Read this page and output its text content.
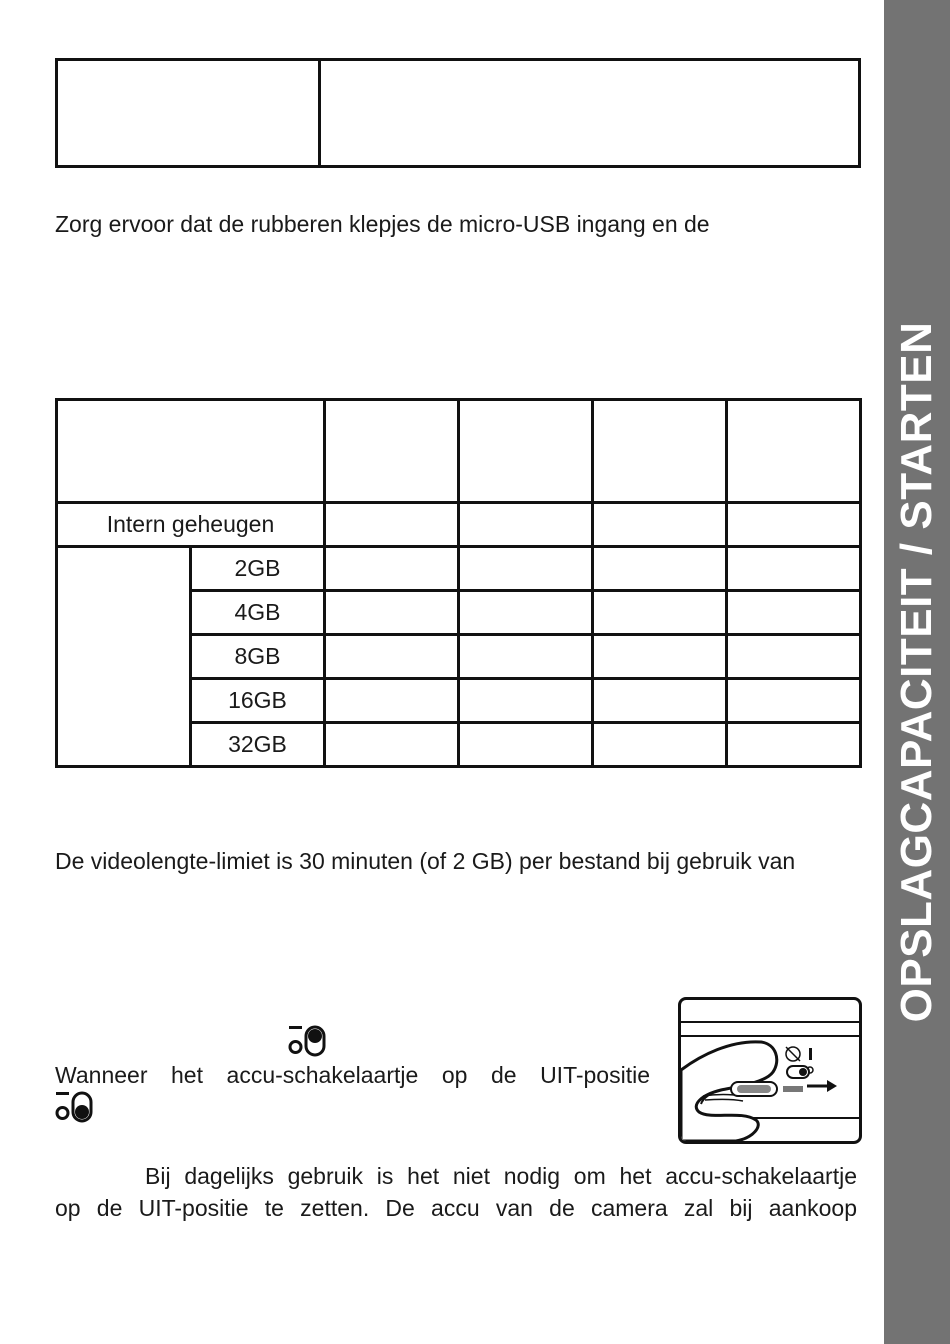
OPSLAGCAPACITEIT / STARTEN
Zorg ervoor dat de rubberen klepjes de micro-USB ingang en de

Intern geheugen					
	2GB				
	4GB				
	8GB				
	16GB				
	32GB				
De videolengte-limiet is 30 minuten (of 2 GB) per bestand bij gebruik van
Wanneer het accu-schakelaartje op de UIT-positie
Bij dagelijks gebruik is het niet nodig om het accu-schakelaartje
op de UIT-positie te zetten. De accu van de camera zal bij aankoop
